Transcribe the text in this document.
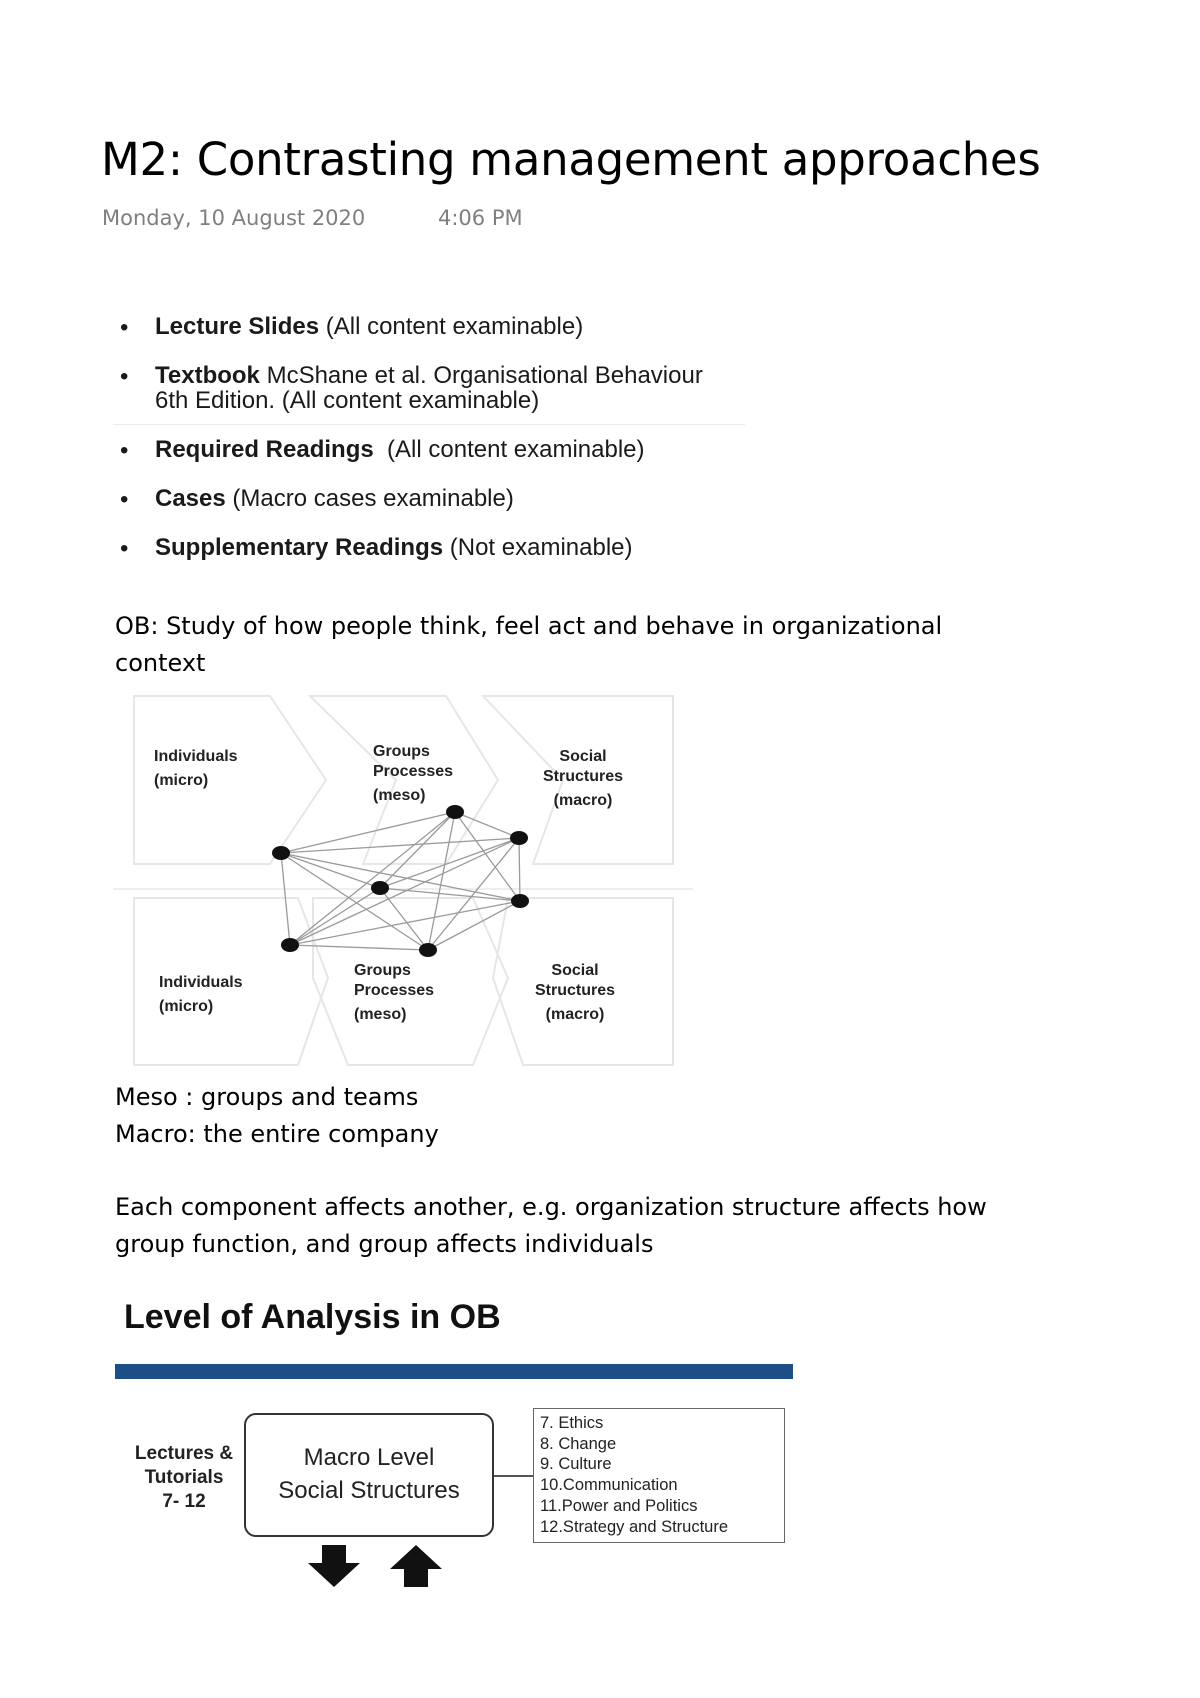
M2: Contrasting management approaches
Monday, 10 August 2020	4:06 PM
•	Lecture Slides (All content examinable)
•	Textbook McShane et al. Organisational Behaviour
6th Edition. (All content examinable)
•	Required Readings  (All content examinable)
•	Cases (Macro cases examinable)
•	Supplementary Readings (Not examinable)
OB: Study of how people think, feel act and behave in organizational
context
Individuals
(micro)
Groups
Processes
(meso)
Social
Structures
(macro)
Individuals
(micro)
Groups
Processes
(meso)
Social
Structures
(macro)
Meso : groups and teams
Macro: the entire company
Each component affects another, e.g. organization structure affects how
group function, and group affects individuals
Level of Analysis in OB
Lectures &
Tutorials
7- 12
Macro Level
Social Structures
7. Ethics
8. Change
9. Culture
10.Communication
11.Power and Politics
12.Strategy and Structure
